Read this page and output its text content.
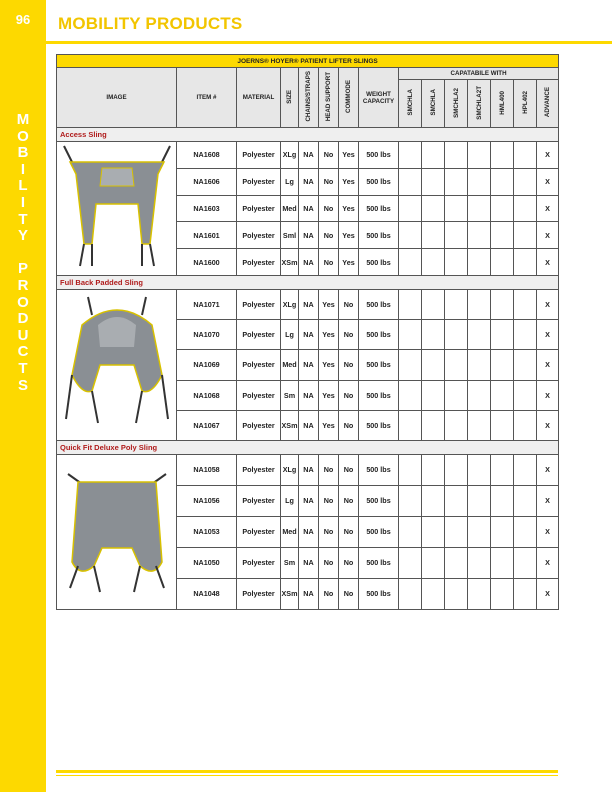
96
M
O
B
I
L
I
T
Y

P
R
O
D
U
C
T
S
MOBILITY PRODUCTS
JOERNS® HOYER® PATIENT LIFTER SLINGS														
IMAGE	ITEM #	MATERIAL	SIZE	CHAINS/STRAPS	HEAD SUPPORT	COMMODE	WEIGHT CAPACITY	CAPATABILE WITH						
								SMCHLA	SMCHLA	SMCHLA2	SMCHLA2T	HML400	HPL402	ADVANCE
Access Sling														

	NA1608	Polyester	XLg	NA	No	Yes	500 lbs							X
	NA1606	Polyester	Lg	NA	No	Yes	500 lbs							X
	NA1603	Polyester	Med	NA	No	Yes	500 lbs							X
	NA1601	Polyester	Sml	NA	No	Yes	500 lbs							X
	NA1600	Polyester	XSm	NA	No	Yes	500 lbs							X
Full Back Padded Sling														

	NA1071	Polyester	XLg	NA	Yes	No	500 lbs							X
	NA1070	Polyester	Lg	NA	Yes	No	500 lbs							X
	NA1069	Polyester	Med	NA	Yes	No	500 lbs							X
	NA1068	Polyester	Sm	NA	Yes	No	500 lbs							X
	NA1067	Polyester	XSm	NA	Yes	No	500 lbs							X
Quick Fit Deluxe Poly Sling														

	NA1058	Polyester	XLg	NA	No	No	500 lbs							X
	NA1056	Polyester	Lg	NA	No	No	500 lbs							X
	NA1053	Polyester	Med	NA	No	No	500 lbs							X
	NA1050	Polyester	Sm	NA	No	No	500 lbs							X
	NA1048	Polyester	XSm	NA	No	No	500 lbs							X
